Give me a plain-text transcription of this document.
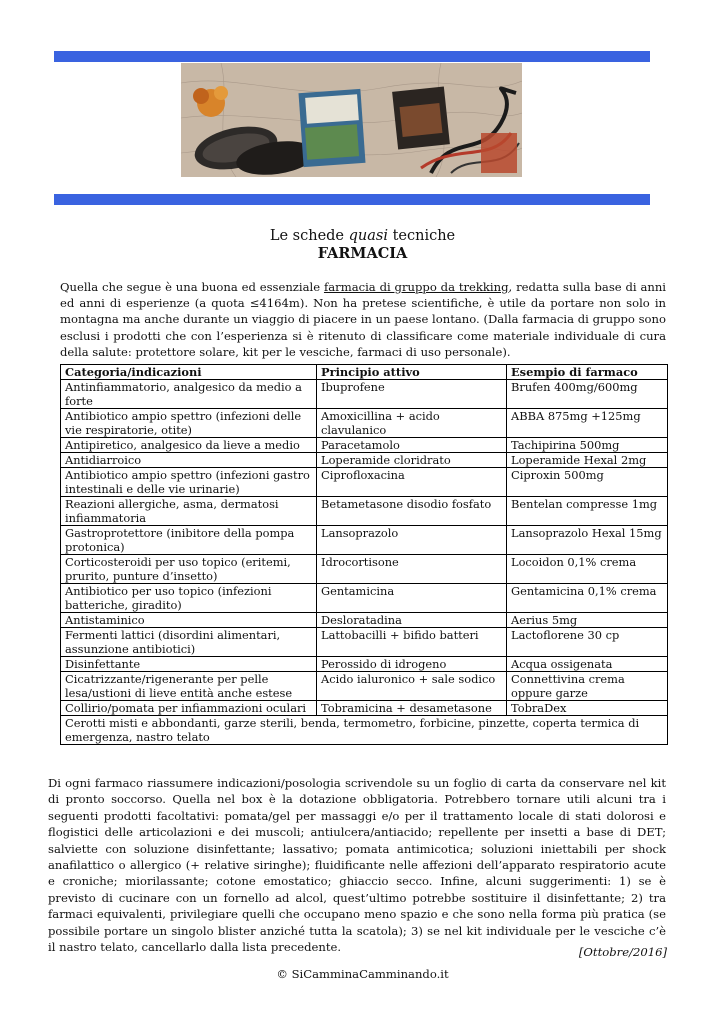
Le schede quasi tecniche
FARMACIA

Quella che segue è una buona ed essenziale farmacia di gruppo da trekking, redatta sulla base di anni ed anni di esperienze (a quota ≤4164m). Non ha pretese scientifiche, è utile da portare non solo in montagna ma anche durante un viaggio di piacere in un paese lontano. (Dalla farmacia di gruppo sono esclusi i prodotti che con l’esperienza si è ritenuto di classificare come materiale individuale di cura della salute: protettore solare, kit per le vesciche, farmaci di uso personale).

Categoria/indicazioni	Principio attivo	Esempio di farmaco
Antinfiammatorio, analgesico da medio a forte	Ibuprofene	Brufen 400mg/600mg
Antibiotico ampio spettro (infezioni delle vie respiratorie, otite)	Amoxicillina + acido clavulanico	ABBA 875mg +125mg
Antipiretico, analgesico da lieve a medio	Paracetamolo	Tachipirina 500mg
Antidiarroico	Loperamide cloridrato	Loperamide Hexal 2mg
Antibiotico ampio spettro (infezioni gastro intestinali e delle vie urinarie)	Ciprofloxacina	Ciproxin 500mg
Reazioni allergiche, asma, dermatosi infiammatoria	Betametasone disodio fosfato	Bentelan compresse 1mg
Gastroprotettore (inibitore della pompa protonica)	Lansoprazolo	Lansoprazolo Hexal 15mg
Corticosteroidi per uso topico (eritemi, prurito, punture d’insetto)	Idrocortisone	Locoidon 0,1% crema
Antibiotico per uso topico (infezioni batteriche, giradito)	Gentamicina	Gentamicina 0,1% crema
Antistaminico	Desloratadina	Aerius 5mg
Fermenti lattici (disordini alimentari, assunzione antibiotici)	Lattobacilli + bifido batteri	Lactoflorene 30 cp
Disinfettante	Perossido di idrogeno	Acqua ossigenata
Cicatrizzante/rigenerante per pelle lesa/ustioni di lieve entità anche estese	Acido ialuronico + sale sodico	Connettivina crema oppure garze
Collirio/pomata per infiammazioni oculari	Tobramicina + desametasone	TobraDex
Cerotti misti e abbondanti, garze sterili, benda, termometro, forbicine, pinzette, coperta termica di emergenza, nastro telato		

Di ogni farmaco riassumere indicazioni/posologia scrivendole su un foglio di carta da conservare nel kit di pronto soccorso. Quella nel box è la dotazione obbligatoria. Potrebbero tornare utili alcuni tra i seguenti prodotti facoltativi: pomata/gel per massaggi e/o per il trattamento locale di stati dolorosi e flogistici delle articolazioni e dei muscoli; antiulcera/antiacido; repellente per insetti a base di DET; salviette con soluzione disinfettante; lassativo; pomata antimicotica; soluzioni iniettabili per shock anafilattico o allergico (+ relative siringhe); fluidificante nelle affezioni dell’apparato respiratorio acute e croniche; miorilassante; cotone emostatico; ghiaccio secco. Infine, alcuni suggerimenti: 1) se è previsto di cucinare con un fornello ad alcol, quest’ultimo potrebbe sostituire il disinfettante; 2) tra farmaci equivalenti, privilegiare quelli che occupano meno spazio e che sono nella forma più pratica (se possibile portare un singolo blister anziché tutta la scatola); 3) se nel kit individuale per le vesciche c’è il nastro telato, cancellarlo dalla lista precedente.	[Ottobre/2016]
© SiCamminaCamminando.it
